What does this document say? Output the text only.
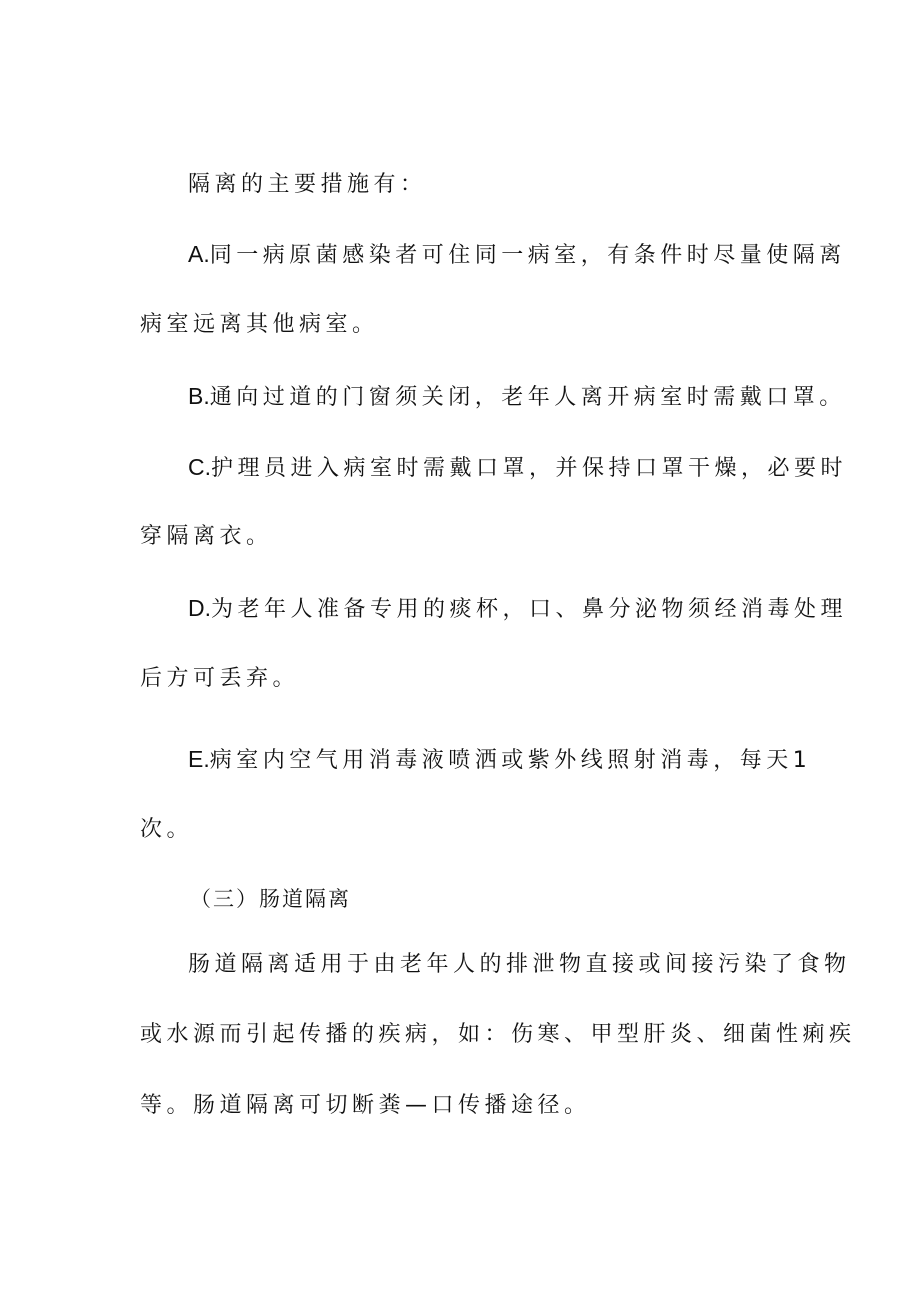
隔离的主要措施有：
A.同一病原菌感染者可住同一病室，有条件时尽量使隔离
病室远离其他病室。
B.通向过道的门窗须关闭，老年人离开病室时需戴口罩。
C.护理员进入病室时需戴口罩，并保持口罩干燥，必要时
穿隔离衣。
D.为老年人准备专用的痰杯，口、鼻分泌物须经消毒处理
后方可丢弃。
E.病室内空气用消毒液喷洒或紫外线照射消毒，每天1
次。
（三）肠道隔离
肠道隔离适用于由老年人的排泄物直接或间接污染了食物
或水源而引起传播的疾病，如：伤寒、甲型肝炎、细菌性痢疾
等。肠道隔离可切断粪—口传播途径。
